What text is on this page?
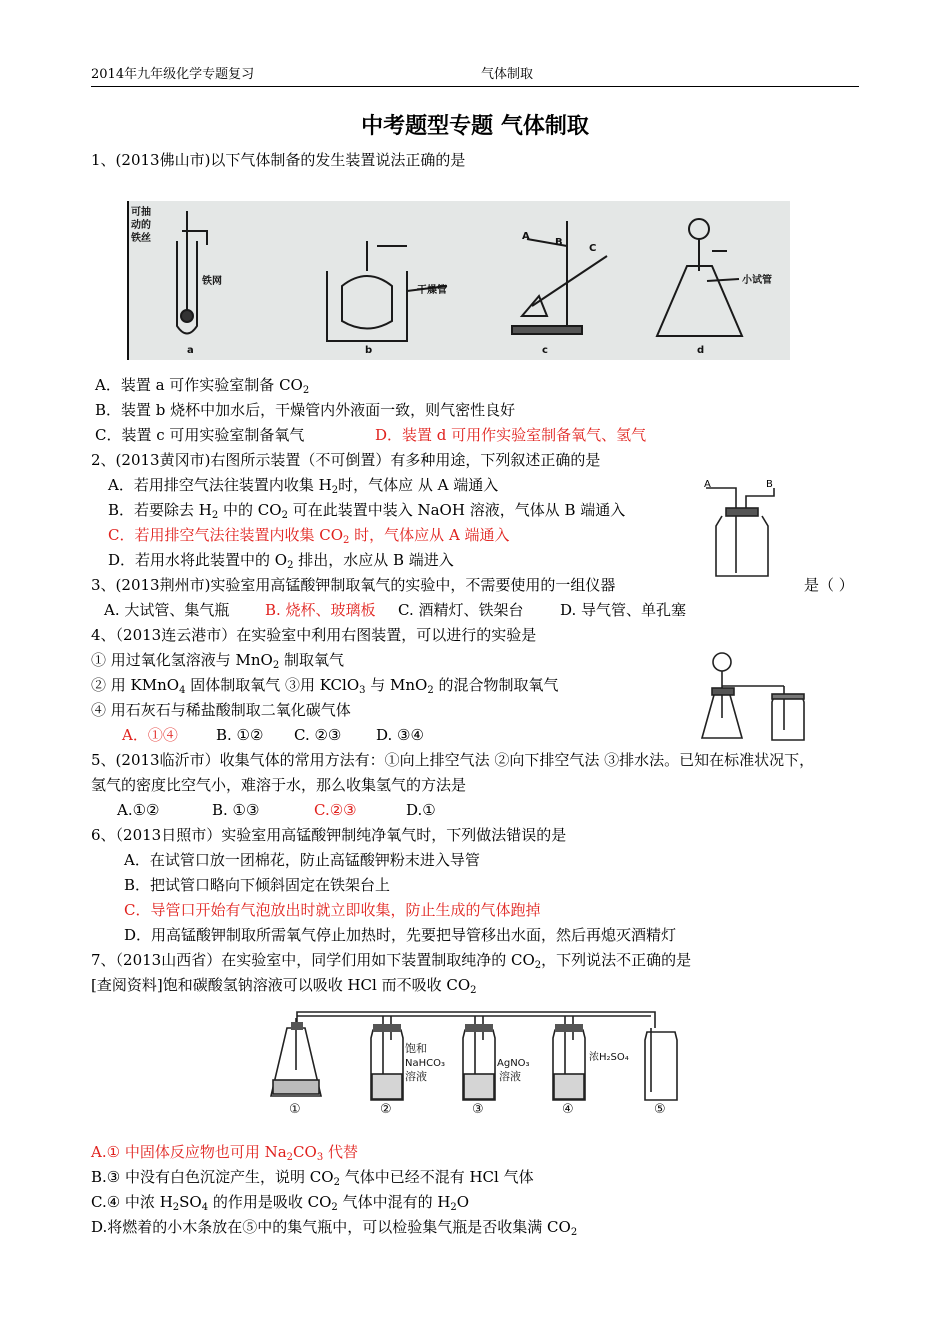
2014年九年级化学专题复习	气体制取
中考题型专题 气体制取
1、(2013佛山市)以下气体制备的发生装置说法正确的是
可抽
动的
铁丝
铁网
干燥管
小试管
A
B
C
a	b	c	d
A．装置 a 可作实验室制备 $CO_2$
B．装置 b 烧杯中加水后，干燥管内外液面一致，则气密性良好
C．装置 c 可用实验室制备氧气	D．装置 d 可用作实验室制备氧气、氢气
2、(2013黄冈市)右图所示装置（不可倒置）有多种用途，下列叙述正确的是
A．若用排空气法往装置内收集 $H_2$时，气体应 从 A 端通入
B．若要除去 $H_2$ 中的 $CO_2$ 可在此装置中装入 NaOH 溶液，气体从 B 端通入
C．若用排空气法往装置内收集 $CO_2$ 时，气体应从 A 端通入
D．若用水将此装置中的 $O_2$ 排出，水应从 B 端进入
A	B
3、(2013荆州市)实验室用高锰酸钾制取氧气的实验中，不需要使用的一组仪器	是（ ）
A. 大试管、集气瓶 B. 烧杯、玻璃板 C. 酒精灯、铁架台 D. 导气管、单孔塞
4、（2013连云港市）在实验室中利用右图装置，可以进行的实验是
① 用过氧化氢溶液与 MnO$_2$ 制取氧气
② 用 KMnO$_4$ 固体制取氧气 ③用 KClO$_3$ 与 MnO$_2$ 的混合物制取氧气
④ 用石灰石与稀盐酸制取二氧化碳气体
A．①④	B. ①② C. ②③ D. ③④
5、(2013临沂市）收集气体的常用方法有：①向上排空气法 ②向下排空气法 ③排水法。已知在标准状况下，
氢气的密度比空气小，难溶于水，那么收集氢气的方法是
A.①②	B. ①③	C.②③	D.①
6、（2013日照市）实验室用高锰酸钾制纯净氧气时，下列做法错误的是
A．在试管口放一团棉花，防止高锰酸钾粉末进入导管
B．把试管口略向下倾斜固定在铁架台上
C．导管口开始有气泡放出时就立即收集，防止生成的气体跑掉
D．用高锰酸钾制取所需氧气停止加热时，先要把导管移出水面，然后再熄灭酒精灯
7、（2013山西省）在实验室中，同学们用如下装置制取纯净的 $CO_2$，下列说法不正确的是
[查阅资料]饱和碳酸氢钠溶液可以吸收 HCl 而不吸收 $CO_2$
饱和
NaHCO₃
溶液
AgNO₃
溶液
浓H₂SO₄
①	②	③	④	⑤
A.① 中固体反应物也可用 $Na_2CO_3$ 代替
B.③ 中没有白色沉淀产生，说明 $CO_2$ 气体中已经不混有 HCl 气体
C.④ 中浓 $H_2SO_4$ 的作用是吸收 $CO_2$ 气体中混有的 $H_2O$
D.将燃着的小木条放在⑤中的集气瓶中，可以检验集气瓶是否收集满 $CO_2$
